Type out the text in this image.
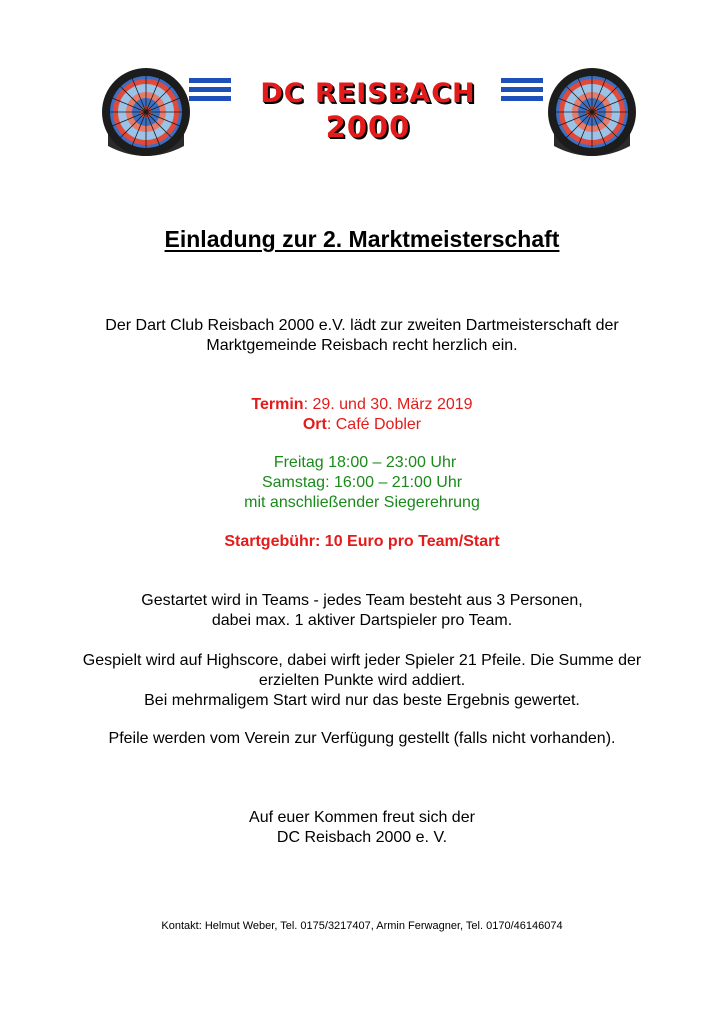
DC REISBACH
2000
Einladung zur 2. Marktmeisterschaft
Der Dart Club Reisbach 2000 e.V. lädt zur zweiten Dartmeisterschaft der
Marktgemeinde Reisbach recht herzlich ein.
Termin: 29. und 30. März 2019
Ort: Café Dobler
Freitag 18:00 – 23:00 Uhr
Samstag: 16:00 – 21:00 Uhr
mit anschließender Siegerehrung
Startgebühr: 10 Euro pro Team/Start
Gestartet wird in Teams - jedes Team besteht aus 3 Personen,
dabei max. 1 aktiver Dartspieler pro Team.
Gespielt wird auf Highscore, dabei wirft jeder Spieler 21 Pfeile. Die Summe der
erzielten Punkte wird addiert.
Bei mehrmaligem Start wird nur das beste Ergebnis gewertet.
Pfeile werden vom Verein zur Verfügung gestellt (falls nicht vorhanden).
Auf euer Kommen freut sich der
DC Reisbach 2000 e. V.
Kontakt: Helmut Weber, Tel. 0175/3217407, Armin Ferwagner, Tel. 0170/46146074
